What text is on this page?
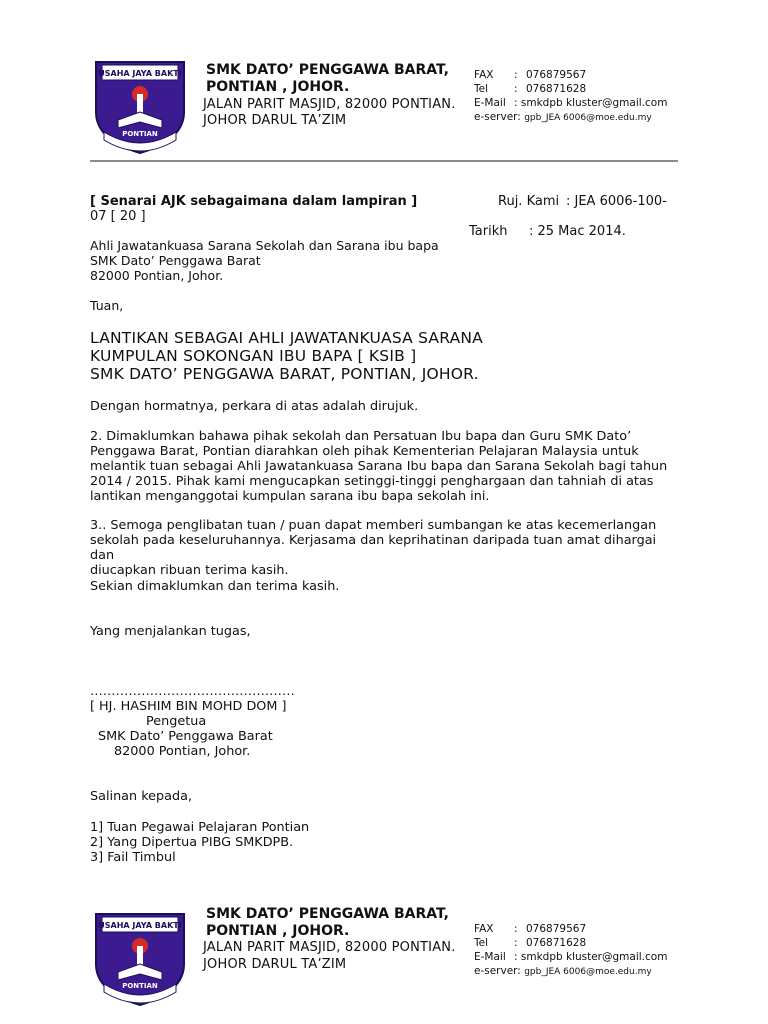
USAHA JAYA BAKTI
PONTIAN
SMK DATO’ PENGGAWA BARAT,
PONTIAN , JOHOR.
JALAN PARIT MASJID, 82000 PONTIAN.
JOHOR DARUL TA’ZIM
FAX : 076879567
Tel : 076871628
E-Mail : smkdpb kluster@gmail.com
e-server: gpb_JEA 6006@moe.edu.my
[ Senarai AJK sebagaimana dalam lampiran ]	Ruj. Kami : JEA 6006-100-
07 [ 20 ]
Tarikh : 25 Mac 2014.
Ahli Jawatankuasa Sarana Sekolah dan Sarana ibu bapa
SMK Dato’ Penggawa Barat
82000 Pontian, Johor.
Tuan,
LANTIKAN SEBAGAI AHLI JAWATANKUASA SARANA
KUMPULAN SOKONGAN IBU BAPA [ KSIB ]
SMK DATO’ PENGGAWA BARAT, PONTIAN, JOHOR.
Dengan hormatnya, perkara di atas adalah dirujuk.
2. Dimaklumkan bahawa pihak sekolah dan Persatuan Ibu bapa dan Guru SMK Dato’
Penggawa Barat, Pontian diarahkan oleh pihak Kementerian Pelajaran Malaysia untuk
melantik tuan sebagai Ahli Jawatankuasa Sarana Ibu bapa dan Sarana Sekolah bagi tahun
2014 / 2015. Pihak kami mengucapkan setinggi-tinggi penghargaan dan tahniah di atas
lantikan menganggotai kumpulan sarana ibu bapa sekolah ini.
3.. Semoga penglibatan tuan / puan dapat memberi sumbangan ke atas kecemerlangan
sekolah pada keseluruhannya. Kerjasama dan keprihatinan daripada tuan amat dihargai dan
diucapkan ribuan terima kasih.
Sekian dimaklumkan dan terima kasih.
Yang menjalankan tugas,
…………………………………………
[ HJ. HASHIM BIN MOHD DOM ]
Pengetua
SMK Dato’ Penggawa Barat
82000 Pontian, Johor.
Salinan kepada,
1] Tuan Pegawai Pelajaran Pontian
2] Yang Dipertua PIBG SMKDPB.
3] Fail Timbul
USAHA JAYA BAKTI
PONTIAN
SMK DATO’ PENGGAWA BARAT,
PONTIAN , JOHOR.
JALAN PARIT MASJID, 82000 PONTIAN.
JOHOR DARUL TA’ZIM
FAX : 076879567
Tel : 076871628
E-Mail : smkdpb kluster@gmail.com
e-server: gpb_JEA 6006@moe.edu.my
